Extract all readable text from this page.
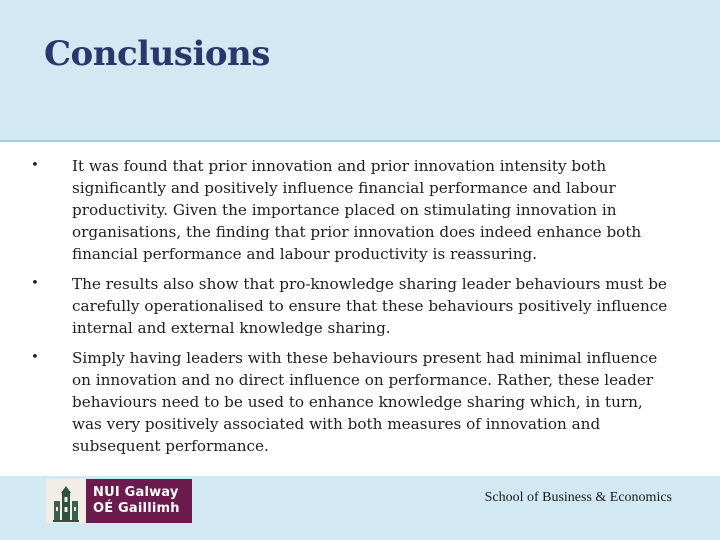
Conclusions
• It was found that prior innovation and prior innovation intensity both significantly and positively influence financial performance and labour productivity. Given the importance placed on stimulating innovation in organisations, the finding that prior innovation does indeed enhance both financial performance and labour productivity is reassuring.
• The results also show that pro-knowledge sharing leader behaviours must be carefully operationalised to ensure that these behaviours positively influence internal and external knowledge sharing.
• Simply having leaders with these behaviours present had minimal influence on innovation and no direct influence on performance. Rather, these leader behaviours need to be used to enhance knowledge sharing which, in turn, was very positively associated with both measures of innovation and subsequent performance.
NUI Galway
OÉ Gaillimh
School of Business & Economics
